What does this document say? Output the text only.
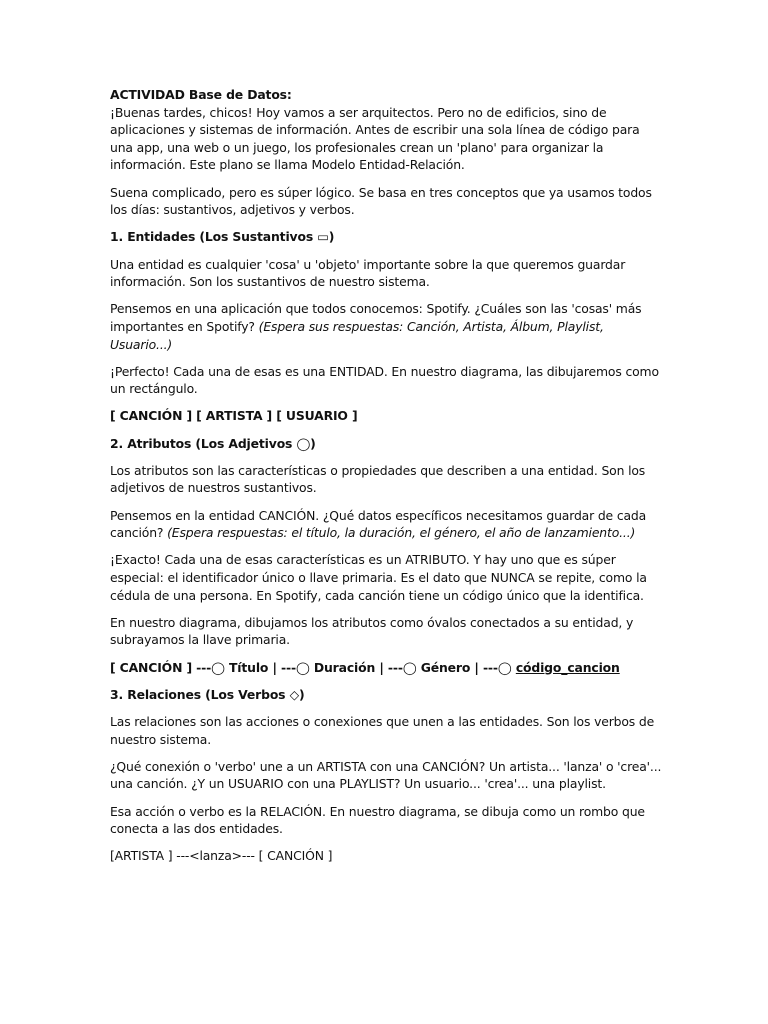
ACTIVIDAD Base de Datos:
¡Buenas tardes, chicos! Hoy vamos a ser arquitectos. Pero no de edificios, sino de aplicaciones y sistemas de información. Antes de escribir una sola línea de código para una app, una web o un juego, los profesionales crean un 'plano' para organizar la información. Este plano se llama Modelo Entidad-Relación.
Suena complicado, pero es súper lógico. Se basa en tres conceptos que ya usamos todos los días: sustantivos, adjetivos y verbos.
1. Entidades (Los Sustantivos ▭)
Una entidad es cualquier 'cosa' u 'objeto' importante sobre la que queremos guardar información. Son los sustantivos de nuestro sistema.
Pensemos en una aplicación que todos conocemos: Spotify. ¿Cuáles son las 'cosas' más importantes en Spotify? (Espera sus respuestas: Canción, Artista, Álbum, Playlist, Usuario...)
¡Perfecto! Cada una de esas es una ENTIDAD. En nuestro diagrama, las dibujaremos como un rectángulo.
[ CANCIÓN ] [ ARTISTA ] [ USUARIO ]
2. Atributos (Los Adjetivos ◯)
Los atributos son las características o propiedades que describen a una entidad. Son los adjetivos de nuestros sustantivos.
Pensemos en la entidad CANCIÓN. ¿Qué datos específicos necesitamos guardar de cada canción? (Espera respuestas: el título, la duración, el género, el año de lanzamiento...)
¡Exacto! Cada una de esas características es un ATRIBUTO. Y hay uno que es súper especial: el identificador único o llave primaria. Es el dato que NUNCA se repite, como la cédula de una persona. En Spotify, cada canción tiene un código único que la identifica.
En nuestro diagrama, dibujamos los atributos como óvalos conectados a su entidad, y subrayamos la llave primaria.
[ CANCIÓN ] ---◯ Título | ---◯ Duración | ---◯ Género | ---◯ código_cancion
3. Relaciones (Los Verbos ◇)
Las relaciones son las acciones o conexiones que unen a las entidades. Son los verbos de nuestro sistema.
¿Qué conexión o 'verbo' une a un ARTISTA con una CANCIÓN? Un artista... 'lanza' o 'crea'... una canción. ¿Y un USUARIO con una PLAYLIST? Un usuario... 'crea'... una playlist.
Esa acción o verbo es la RELACIÓN. En nuestro diagrama, se dibuja como un rombo que conecta a las dos entidades.
[ARTISTA ] ---<lanza>--- [ CANCIÓN ]
